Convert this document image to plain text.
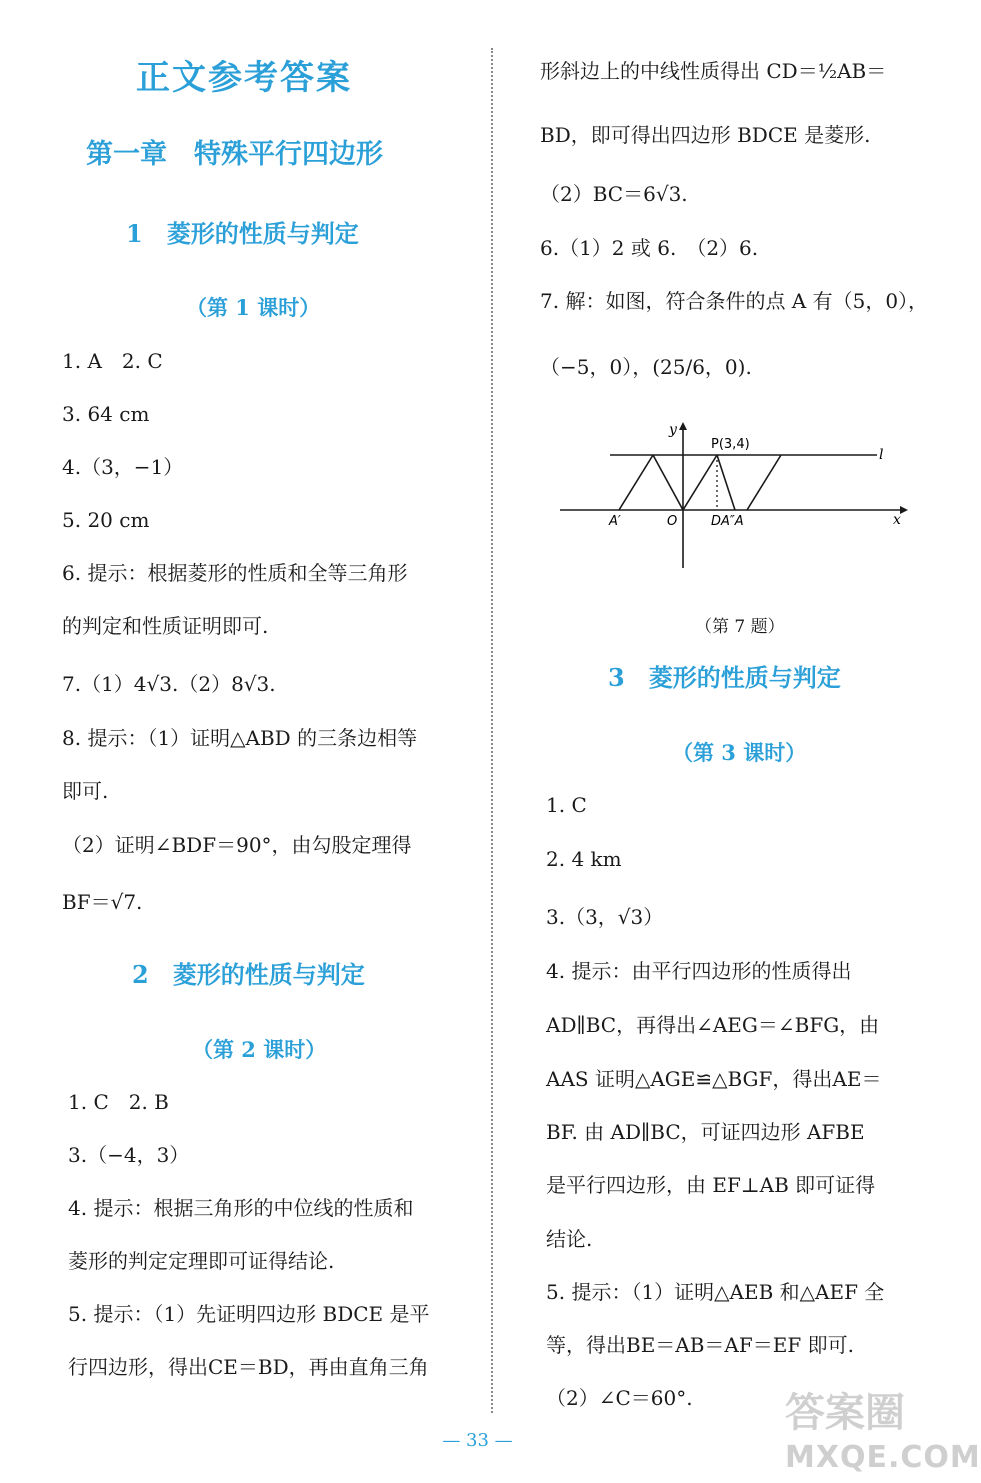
正文参考答案
第一章　特殊平行四边形
1　菱形的性质与判定
（第 1 课时）
1. A　2. C
3. 64 cm
4.（3，−1）
5. 20 cm
6. 提示：根据菱形的性质和全等三角形
的判定和性质证明即可.
7.（1）4√3.（2）8√3.
8. 提示：（1）证明△ABD 的三条边相等
即可.
（2）证明∠BDF＝90°，由勾股定理得
BF＝√7.
2　菱形的性质与判定
（第 2 课时）
1. C　2. B
3.（−4，3）
4. 提示：根据三角形的中位线的性质和
菱形的判定定理即可证得结论.
5. 提示：（1）先证明四边形 BDCE 是平
行四边形，得出CE＝BD，再由直角三角
形斜边上的中线性质得出 CD＝½AB＝
BD，即可得出四边形 BDCE 是菱形.
（2）BC＝6√3.
6.（1）2 或 6.　（2）6.
7. 解：如图，符合条件的点 A 有（5，0），
（−5，0），(25/6，0).
y
P(3,4)
l
A′	O	DA″A	x
（第 7 题）
3　菱形的性质与判定
（第 3 课时）
1. C
2. 4 km
3.（3，√3）
4. 提示：由平行四边形的性质得出
AD∥BC，再得出∠AEG＝∠BFG，由
AAS 证明△AGE≌△BGF，得出AE＝
BF. 由 AD∥BC，可证四边形 AFBE
是平行四边形，由 EF⊥AB 即可证得
结论.
5. 提示：（1）证明△AEB 和△AEF 全
等，得出BE＝AB＝AF＝EF 即可.
（2）∠C＝60°.
— 33 —
答案圈
MXQE.COM
